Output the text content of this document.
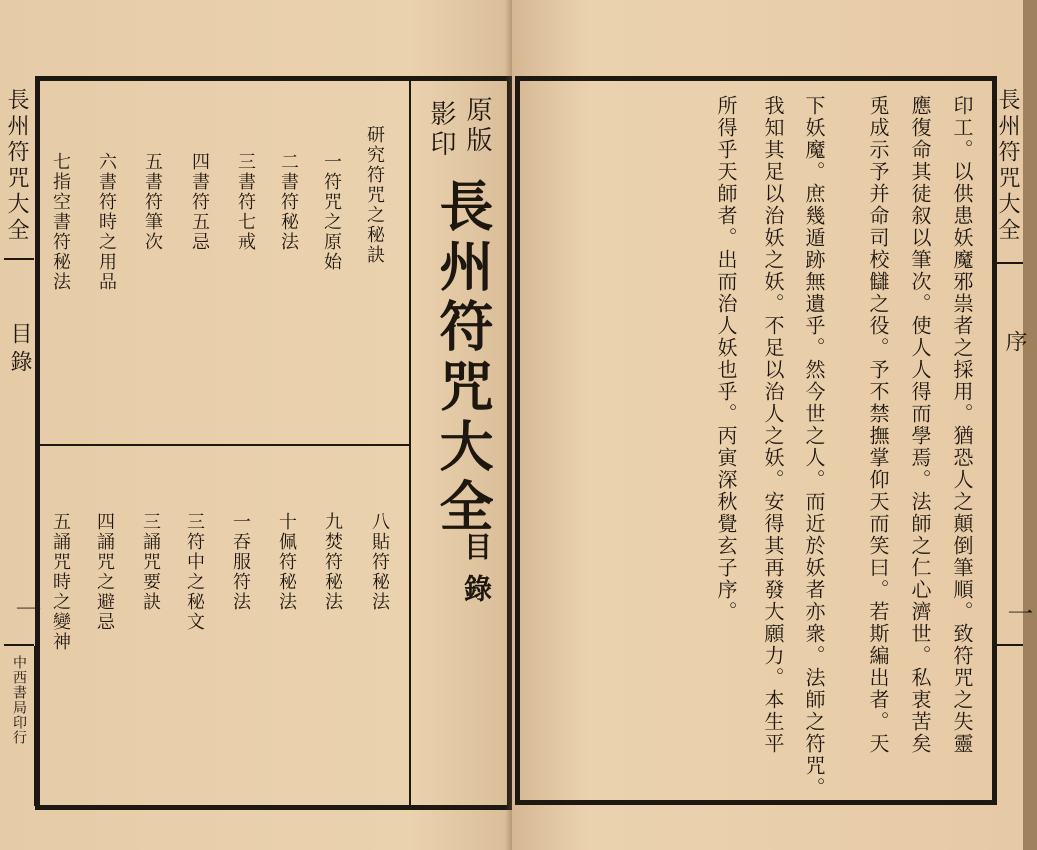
長州符咒大全
目錄
一
中西書局印行
原版
影印
長州符咒大全
目錄
研究符咒之秘訣
一符咒之原始
二書符秘法
三書符七戒
四書符五忌
五書符筆次
六書符時之用品
七指空書符秘法
八貼符秘法
九焚符秘法
十佩符秘法
一吞服符法
三符中之秘文
三誦咒要訣
四誦咒之避忌
五誦咒時之變神	印工。以供患妖魔邪祟者之採用。猶恐人之顛倒筆順。致符咒之失靈
應復命其徒叙以筆次。使人人得而學焉。法師之仁心濟世。私衷苦矣
兎成示予并命司校讎之役。予不禁撫掌仰天而笑曰。若斯編出者。天
下妖魔。庶幾遁跡無遺乎。然今世之人。而近於妖者亦衆。法師之符咒。
我知其足以治妖之妖。不足以治人之妖。安得其再發大願力。本生平
所得乎天師者。出而治人妖也乎。丙寅深秋覺玄子序。	長州符咒大全
序
一
